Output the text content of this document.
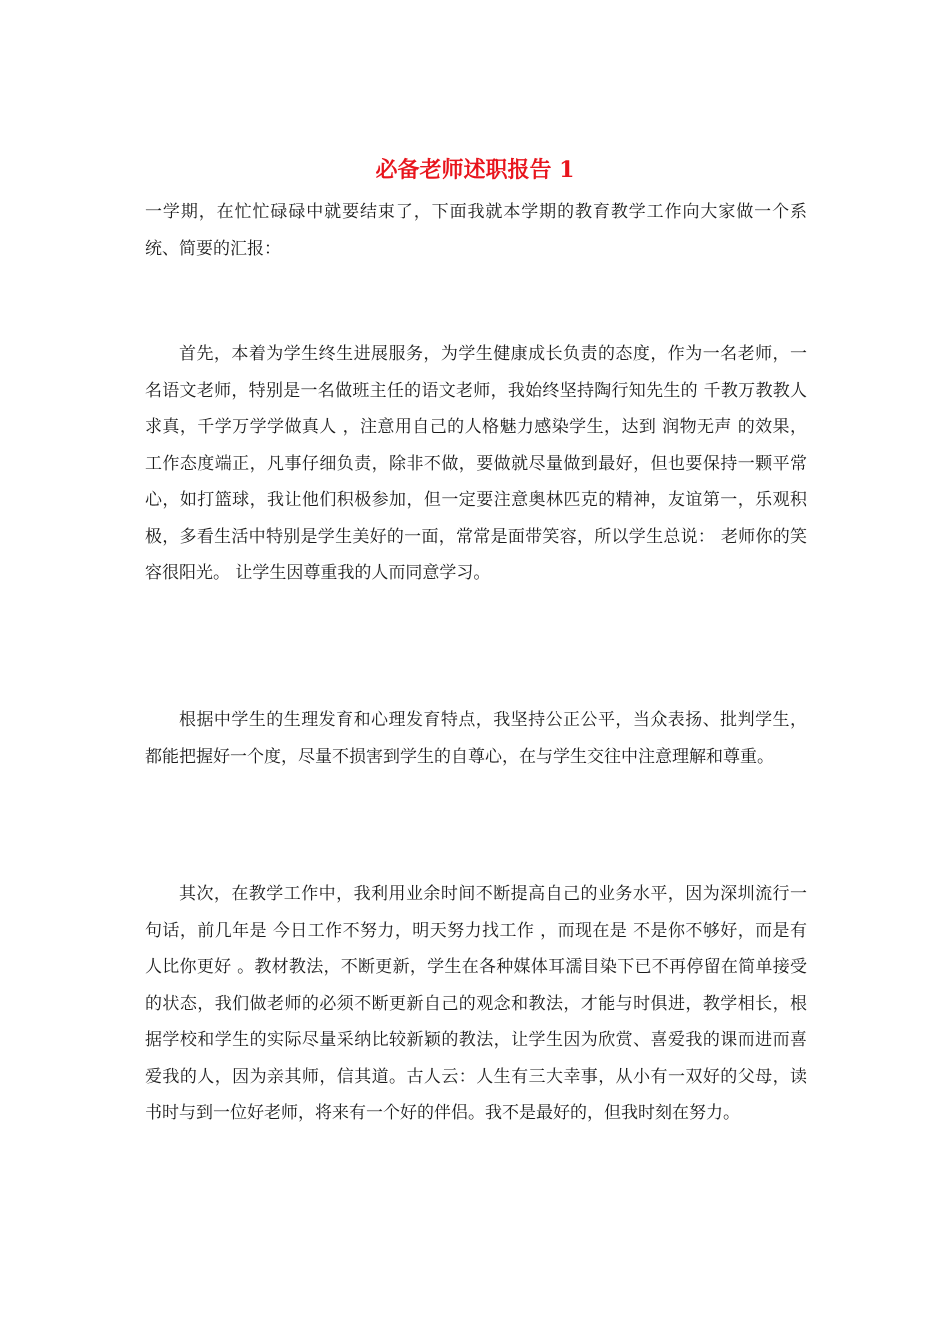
必备老师述职报告 1

一学期，在忙忙碌碌中就要结束了，下面我就本学期的教育教学工作向大家做一个系统、简要的汇报：

首先，本着为学生终生进展服务，为学生健康成长负责的态度，作为一名老师，一名语文老师，特别是一名做班主任的语文老师，我始终坚持陶行知先生的 千教万教教人求真，千学万学学做真人 ，注意用自己的人格魅力感染学生，达到 润物无声 的效果，工作态度端正，凡事仔细负责，除非不做，要做就尽量做到最好，但也要保持一颗平常心，如打篮球，我让他们积极参加，但一定要注意奥林匹克的精神，友谊第一，乐观积极，多看生活中特别是学生美好的一面，常常是面带笑容，所以学生总说： 老师你的笑容很阳光。 让学生因尊重我的人而同意学习。

根据中学生的生理发育和心理发育特点，我坚持公正公平，当众表扬、批判学生，都能把握好一个度，尽量不损害到学生的自尊心，在与学生交往中注意理解和尊重。

其次，在教学工作中，我利用业余时间不断提高自己的业务水平，因为深圳流行一句话，前几年是 今日工作不努力，明天努力找工作 ，而现在是 不是你不够好，而是有人比你更好 。教材教法，不断更新，学生在各种媒体耳濡目染下已不再停留在简单接受的状态，我们做老师的必须不断更新自己的观念和教法，才能与时俱进，教学相长，根据学校和学生的实际尽量采纳比较新颖的教法，让学生因为欣赏、喜爱我的课而进而喜爱我的人，因为亲其师，信其道。古人云：人生有三大幸事，从小有一双好的父母，读书时与到一位好老师，将来有一个好的伴侣。我不是最好的，但我时刻在努力。
